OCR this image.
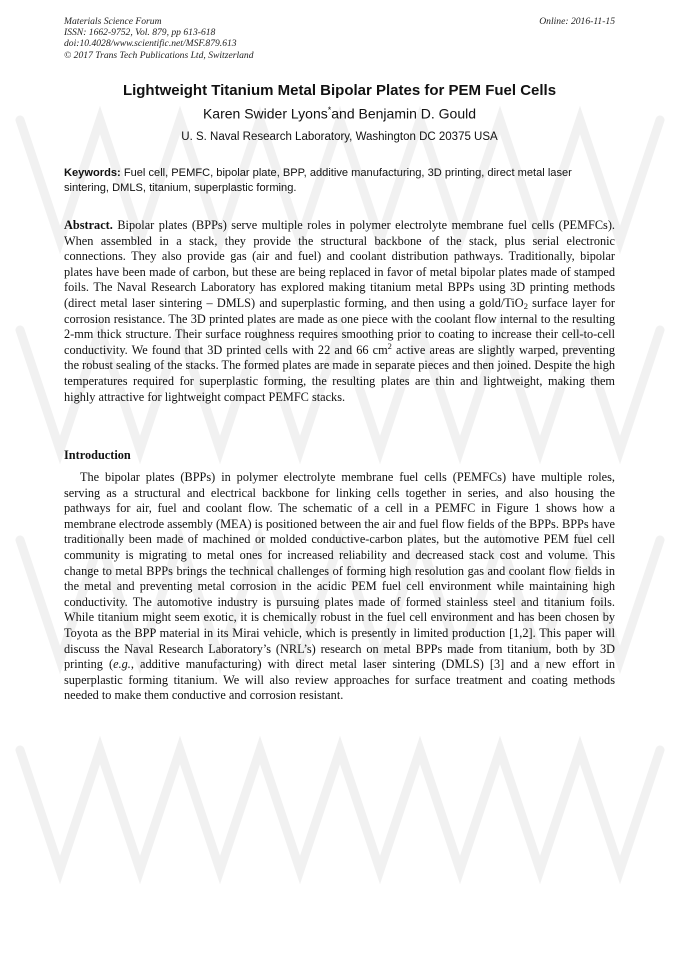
Materials Science Forum
ISSN: 1662-9752, Vol. 879, pp 613-618
doi:10.4028/www.scientific.net/MSF.879.613
© 2017 Trans Tech Publications Ltd, Switzerland
Online: 2016-11-15
Lightweight Titanium Metal Bipolar Plates for PEM Fuel Cells
Karen Swider Lyons*and Benjamin D. Gould
U. S. Naval Research Laboratory, Washington DC 20375 USA
Keywords: Fuel cell, PEMFC, bipolar plate, BPP, additive manufacturing, 3D printing, direct metal laser sintering, DMLS, titanium, superplastic forming.
Abstract. Bipolar plates (BPPs) serve multiple roles in polymer electrolyte membrane fuel cells (PEMFCs). When assembled in a stack, they provide the structural backbone of the stack, plus serial electronic connections. They also provide gas (air and fuel) and coolant distribution pathways. Traditionally, bipolar plates have been made of carbon, but these are being replaced in favor of metal bipolar plates made of stamped foils. The Naval Research Laboratory has explored making titanium metal BPPs using 3D printing methods (direct metal laser sintering – DMLS) and superplastic forming, and then using a gold/TiO$_2$ surface layer for corrosion resistance. The 3D printed plates are made as one piece with the coolant flow internal to the resulting 2-mm thick structure. Their surface roughness requires smoothing prior to coating to increase their cell-to-cell conductivity. We found that 3D printed cells with 22 and 66 $cm^2$ active areas are slightly warped, preventing the robust sealing of the stacks. The formed plates are made in separate pieces and then joined. Despite the high temperatures required for superplastic forming, the resulting plates are thin and lightweight, making them highly attractive for lightweight compact PEMFC stacks.
Introduction
The bipolar plates (BPPs) in polymer electrolyte membrane fuel cells (PEMFCs) have multiple roles, serving as a structural and electrical backbone for linking cells together in series, and also housing the pathways for air, fuel and coolant flow. The schematic of a cell in a PEMFC in Figure 1 shows how a membrane electrode assembly (MEA) is positioned between the air and fuel flow fields of the BPPs. BPPs have traditionally been made of machined or molded conductive-carbon plates, but the automotive PEM fuel cell community is migrating to metal ones for increased reliability and decreased stack cost and volume. This change to metal BPPs brings the technical challenges of forming high resolution gas and coolant flow fields in the metal and preventing metal corrosion in the acidic PEM fuel cell environment while maintaining high conductivity. The automotive industry is pursuing plates made of formed stainless steel and titanium foils. While titanium might seem exotic, it is chemically robust in the fuel cell environment and has been chosen by Toyota as the BPP material in its Mirai vehicle, which is presently in limited production [1,2]. This paper will discuss the Naval Research Laboratory’s (NRL’s) research on metal BPPs made from titanium, both by 3D printing (e.g., additive manufacturing) with direct metal laser sintering (DMLS) [3] and a new effort in superplastic forming titanium. We will also review approaches for surface treatment and coating methods needed to make them conductive and corrosion resistant.
